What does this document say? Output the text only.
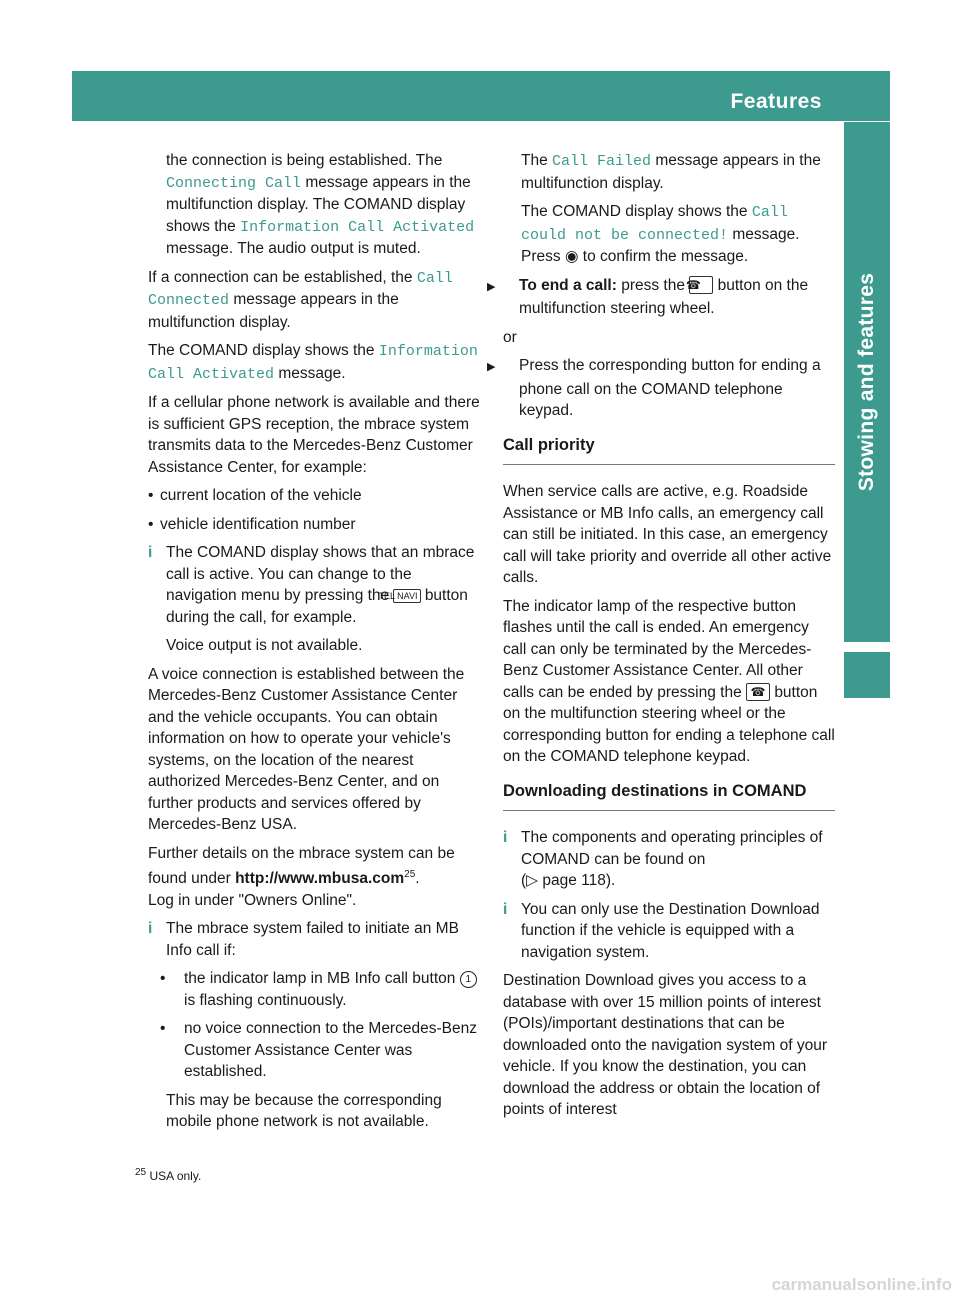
Features	447
Stowing and features

the connection is being established. The Connecting Call message appears in the multifunction display. The COMAND display shows the Information Call Activated message. The audio output is muted.

If a connection can be established, the Call Connected message appears in the multifunction display.

The COMAND display shows the Information Call Activated message.

If a cellular phone network is available and there is sufficient GPS reception, the mbrace system transmits data to the Mercedes-Benz Customer Assistance Center, for example:

• current location of the vehicle

• vehicle identification number

i The COMAND display shows that an mbrace call is active. You can change to the navigation menu by pressing the TEL NAVI button during the call, for example.

Voice output is not available.

A voice connection is established between the Mercedes-Benz Customer Assistance Center and the vehicle occupants. You can obtain information on how to operate your vehicle's systems, on the location of the nearest authorized Mercedes-Benz Center, and on further products and services offered by Mercedes-Benz USA.

Further details on the mbrace system can be found under http://www.mbusa.com$^{25}$.
Log in under "Owners Online".

i The mbrace system failed to initiate an MB Info call if:

• the indicator lamp in MB Info call button 1 is flashing continuously.

• no voice connection to the Mercedes-Benz Customer Assistance Center was established.

This may be because the corresponding mobile phone network is not available.

The Call Failed message appears in the multifunction display.

The COMAND display shows the Call could not be connected! message.
Press ◉ to confirm the message.

▶ To end a call: press the ☎ button on the multifunction steering wheel.

or

▶ Press the corresponding button for ending a phone call on the COMAND telephone keypad.

Call priority

When service calls are active, e.g. Roadside Assistance or MB Info calls, an emergency call can still be initiated. In this case, an emergency call will take priority and override all other active calls.

The indicator lamp of the respective button flashes until the call is ended. An emergency call can only be terminated by the Mercedes-Benz Customer Assistance Center. All other calls can be ended by pressing the ☎ button on the multifunction steering wheel or the corresponding button for ending a telephone call on the COMAND telephone keypad.

Downloading destinations in COMAND

i The components and operating principles of COMAND can be found on
(▷ page 118).

i You can only use the Destination Download function if the vehicle is equipped with a navigation system.

Destination Download gives you access to a database with over 15 million points of interest (POIs)/important destinations that can be downloaded onto the navigation system of your vehicle. If you know the destination, you can download the address or obtain the location of points of interest

$^{25}$ USA only.
carmanualsonline.info
